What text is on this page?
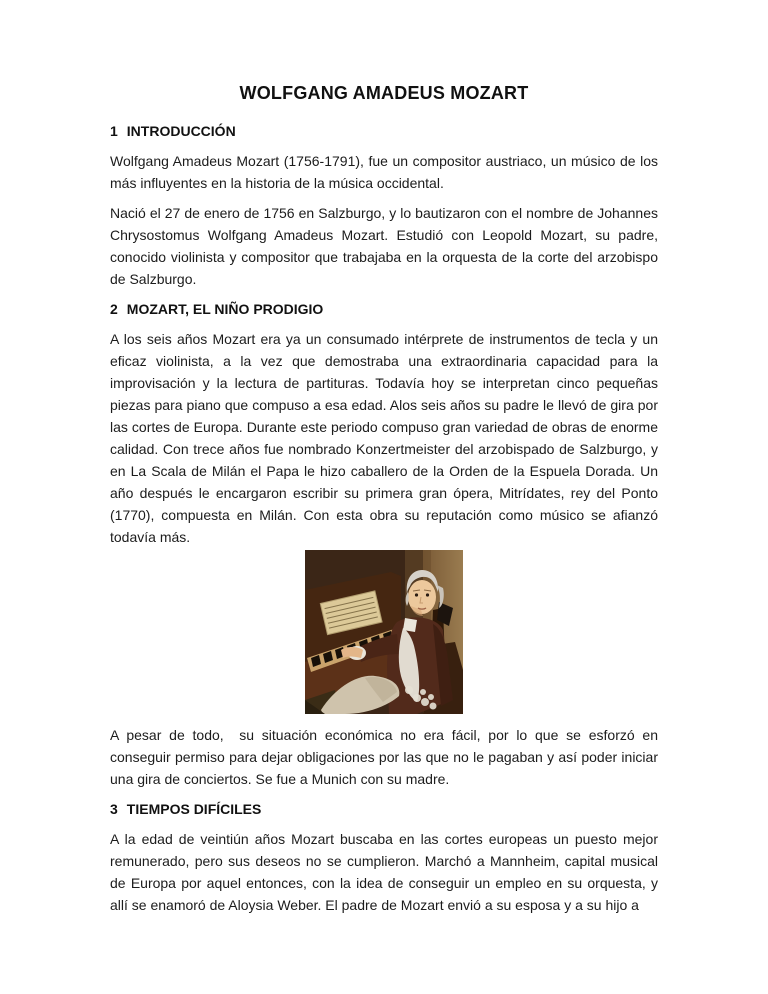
WOLFGANG AMADEUS MOZART
1 INTRODUCCIÓN

Wolfgang Amadeus Mozart (1756-1791), fue un compositor austriaco, un músico de los más influyentes en la historia de la música occidental.

Nació el 27 de enero de 1756 en Salzburgo, y lo bautizaron con el nombre de Johannes Chrysostomus Wolfgang Amadeus Mozart. Estudió con Leopold Mozart, su padre, conocido violinista y compositor que trabajaba en la orquesta de la corte del arzobispo de Salzburgo.

2 MOZART, EL NIÑO PRODIGIO

A los seis años Mozart era ya un consumado intérprete de instrumentos de tecla y un eficaz violinista, a la vez que demostraba una extraordinaria capacidad para la improvisación y la lectura de partituras. Todavía hoy se interpretan cinco pequeñas piezas para piano que compuso a esa edad. Alos seis años su padre le llevó de gira por las cortes de Europa. Durante este periodo compuso gran variedad de obras de enorme calidad. Con trece años fue nombrado Konzertmeister del arzobispado de Salzburgo, y en La Scala de Milán el Papa le hizo caballero de la Orden de la Espuela Dorada. Un año después le encargaron escribir su primera gran ópera, Mitrídates, rey del Ponto (1770), compuesta en Milán. Con esta obra su reputación como músico se afianzó todavía más.

A pesar de todo,  su situación económica no era fácil, por lo que se esforzó en conseguir permiso para dejar obligaciones por las que no le pagaban y así poder iniciar una gira de conciertos. Se fue a Munich con su madre.

3 TIEMPOS DIFÍCILES

A la edad de veintiún años Mozart buscaba en las cortes europeas un puesto mejor remunerado, pero sus deseos no se cumplieron. Marchó a Mannheim, capital musical de Europa por aquel entonces, con la idea de conseguir un empleo en su orquesta, y allí se enamoró de Aloysia Weber. El padre de Mozart envió a su esposa y a su hijo a
